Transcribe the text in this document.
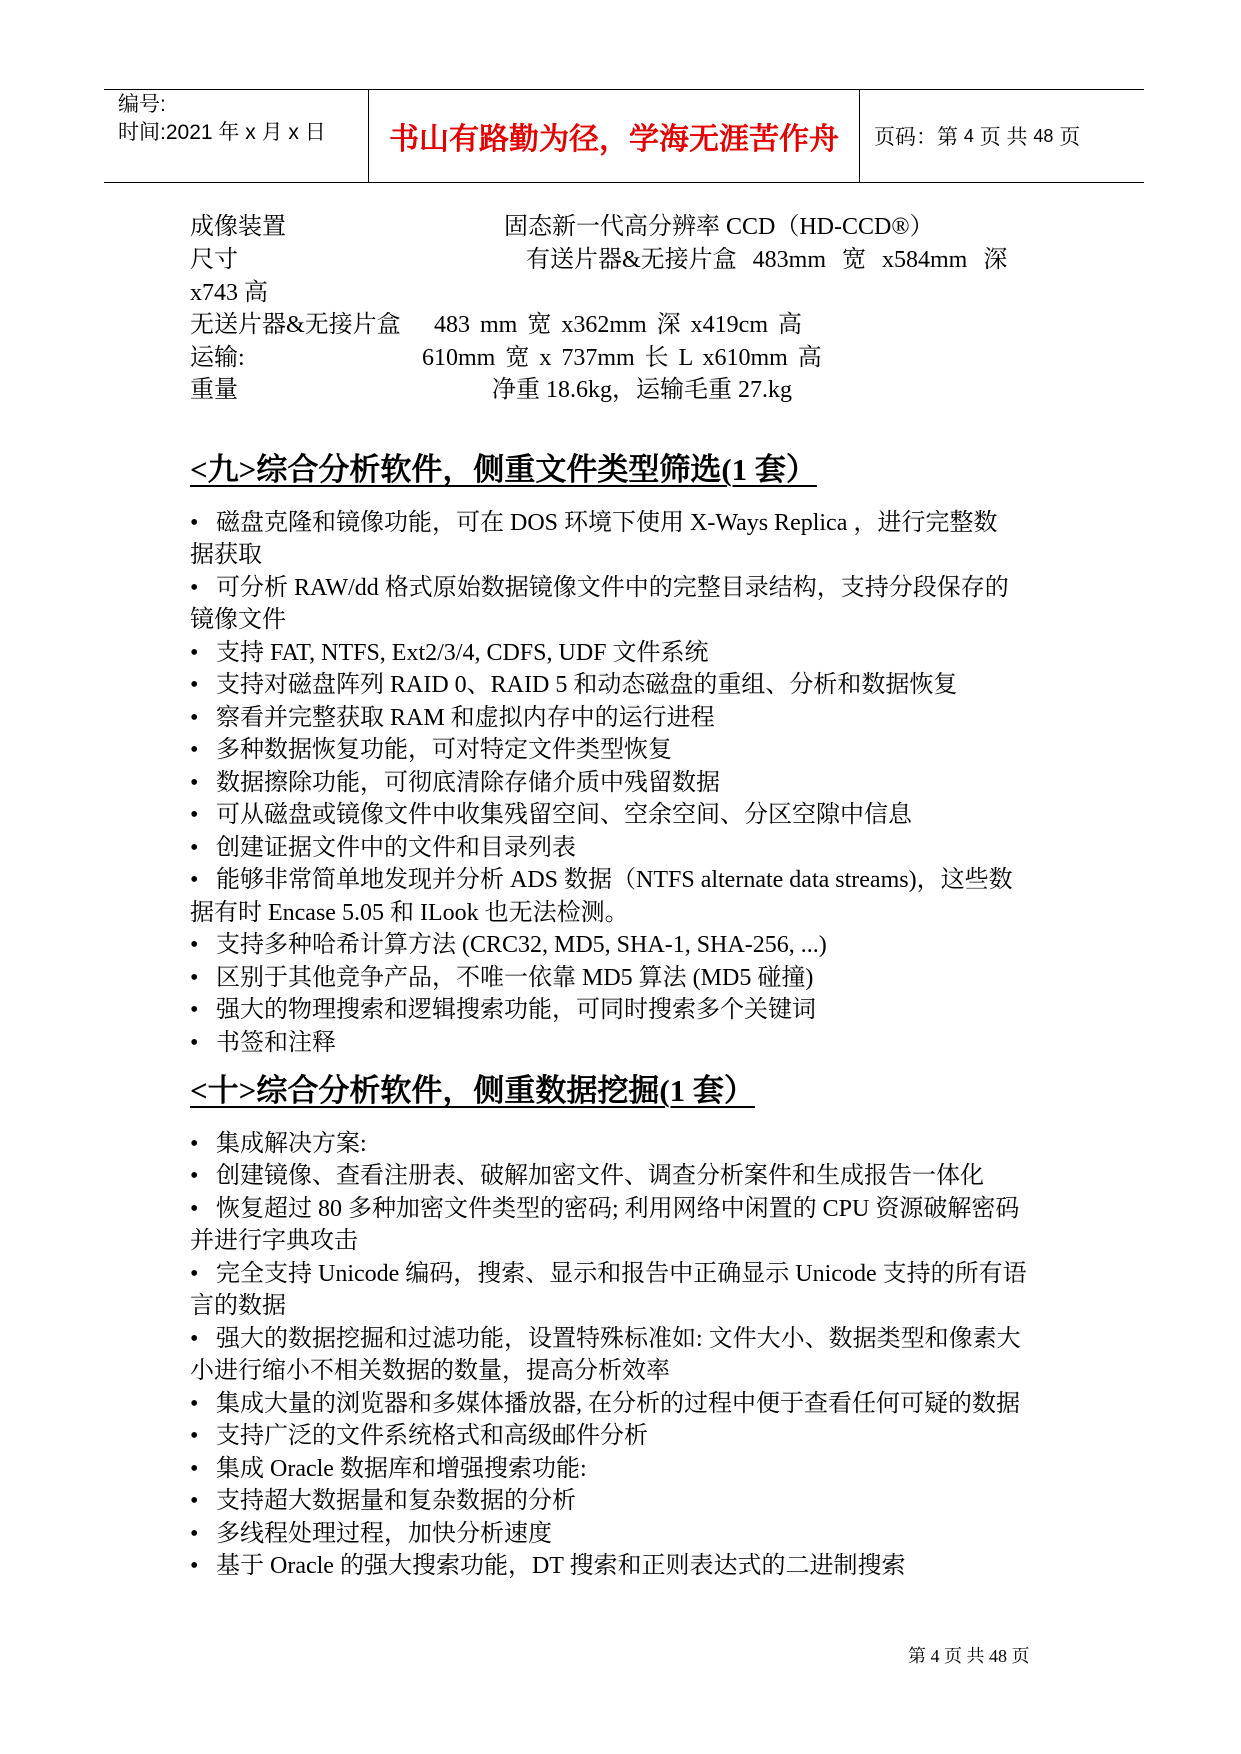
编号:
时间:2021 年 x 月 x 日	书山有路勤为径，学海无涯苦作舟	页码：第
4
页 共
48
页
成像装置	固态新一代高分辨率 CCD（HD-CCD®）
尺寸	有送片器&无接片盒 483mm 宽 x584mm 深
x743 高
无送片器&无接片盒 483 mm 宽 x362mm 深 x419cm 高
运输:	610mm 宽 x 737mm 长 L x610mm 高
重量	净重 18.6kg，运输毛重 27.kg
<九>综合分析软件，侧重文件类型筛选(1 套）
• 磁盘克隆和镜像功能，可在 DOS 环境下使用 X-Ways Replica ，进行完整数
据获取
• 可分析 RAW/dd 格式原始数据镜像文件中的完整目录结构，支持分段保存的
镜像文件
• 支持 FAT, NTFS, Ext2/3/4, CDFS, UDF 文件系统
• 支持对磁盘阵列 RAID 0、RAID 5 和动态磁盘的重组、分析和数据恢复
• 察看并完整获取 RAM 和虚拟内存中的运行进程
• 多种数据恢复功能，可对特定文件类型恢复
• 数据擦除功能，可彻底清除存储介质中残留数据
• 可从磁盘或镜像文件中收集残留空间、空余空间、分区空隙中信息
• 创建证据文件中的文件和目录列表
• 能够非常简单地发现并分析 ADS 数据（NTFS alternate data streams)，这些数
据有时 Encase 5.05 和 ILook 也无法检测。
• 支持多种哈希计算方法 (CRC32, MD5, SHA-1, SHA-256, ...)
• 区别于其他竞争产品，不唯一依靠 MD5 算法 (MD5 碰撞)
• 强大的物理搜索和逻辑搜索功能，可同时搜索多个关键词
• 书签和注释
<十>综合分析软件，侧重数据挖掘(1 套）
• 集成解决方案:
• 创建镜像、查看注册表、破解加密文件、调查分析案件和生成报告一体化
• 恢复超过 80 多种加密文件类型的密码; 利用网络中闲置的 CPU 资源破解密码
并进行字典攻击
• 完全支持 Unicode 编码，搜索、显示和报告中正确显示 Unicode 支持的所有语
言的数据
• 强大的数据挖掘和过滤功能，设置特殊标准如: 文件大小、数据类型和像素大
小进行缩小不相关数据的数量，提高分析效率
• 集成大量的浏览器和多媒体播放器, 在分析的过程中便于查看任何可疑的数据
• 支持广泛的文件系统格式和高级邮件分析
• 集成 Oracle 数据库和增强搜索功能:
• 支持超大数据量和复杂数据的分析
• 多线程处理过程，加快分析速度
• 基于 Oracle 的强大搜索功能，DT 搜索和正则表达式的二进制搜索
第 4 页 共 48 页
